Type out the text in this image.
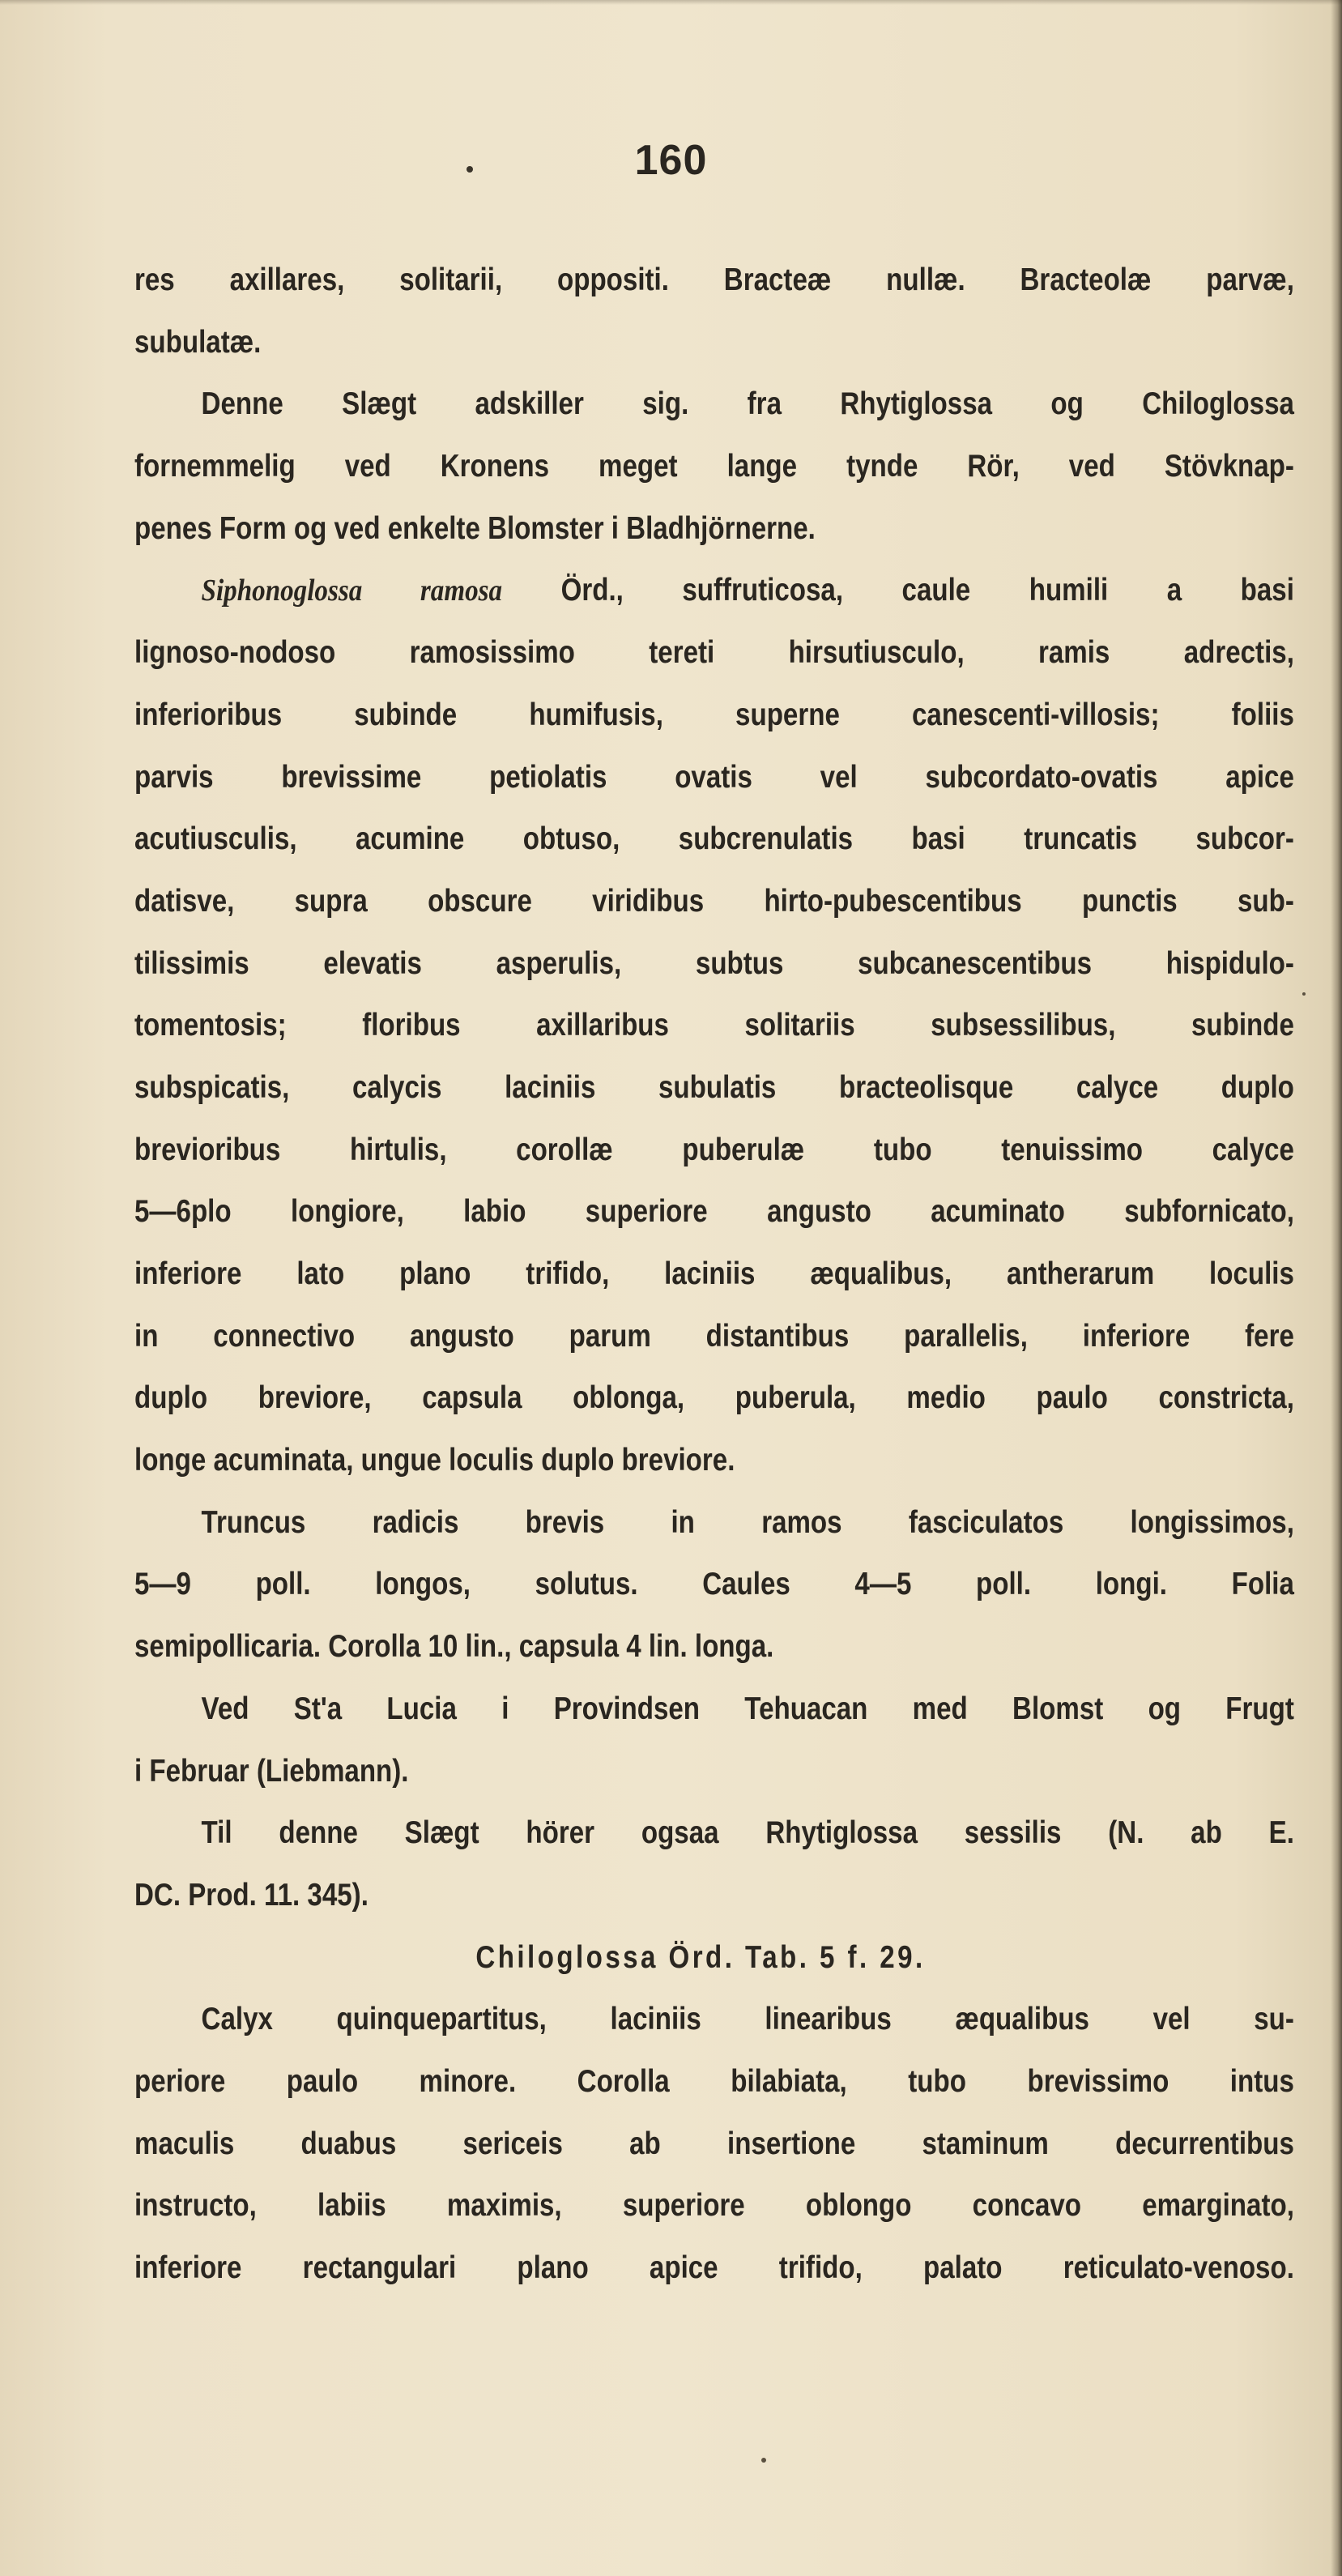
160
res axillares, solitarii, oppositi. Bracteæ nullæ. Bracteolæ parvæ,
subulatæ.
Denne Slægt adskiller sig. fra Rhytiglossa og Chiloglossa
fornemmelig ved Kronens meget lange tynde Rör, ved Stövknap-
penes Form og ved enkelte Blomster i Bladhjörnerne.
Siphonoglossa ramosa Örd., suffruticosa, caule humili a basi
lignoso-nodoso ramosissimo tereti hirsutiusculo, ramis adrectis,
inferioribus subinde humifusis, superne canescenti-villosis; foliis
parvis brevissime petiolatis ovatis vel subcordato-ovatis apice
acutiusculis, acumine obtuso, subcrenulatis basi truncatis subcor-
datisve, supra obscure viridibus hirto-pubescentibus punctis sub-
tilissimis elevatis asperulis, subtus subcanescentibus hispidulo-
tomentosis; floribus axillaribus solitariis subsessilibus, subinde
subspicatis, calycis laciniis subulatis bracteolisque calyce duplo
brevioribus hirtulis, corollæ puberulæ tubo tenuissimo calyce
5—6plo longiore, labio superiore angusto acuminato subfornicato,
inferiore lato plano trifido, laciniis æqualibus, antherarum loculis
in connectivo angusto parum distantibus parallelis, inferiore fere
duplo breviore, capsula oblonga, puberula, medio paulo constricta,
longe acuminata, ungue loculis duplo breviore.
Truncus radicis brevis in ramos fasciculatos longissimos,
5—9 poll. longos, solutus. Caules 4—5 poll. longi. Folia
semipollicaria. Corolla 10 lin., capsula 4 lin. longa.
Ved St'a Lucia i Provindsen Tehuacan med Blomst og Frugt
i Februar (Liebmann).
Til denne Slægt hörer ogsaa Rhytiglossa sessilis (N. ab E.
DC. Prod. 11. 345).
Chiloglossa Örd. Tab. 5 f. 29.
Calyx quinquepartitus, laciniis linearibus æqualibus vel su-
periore paulo minore. Corolla bilabiata, tubo brevissimo intus
maculis duabus sericeis ab insertione staminum decurrentibus
instructo, labiis maximis, superiore oblongo concavo emarginato,
inferiore rectangulari plano apice trifido, palato reticulato-venoso.
